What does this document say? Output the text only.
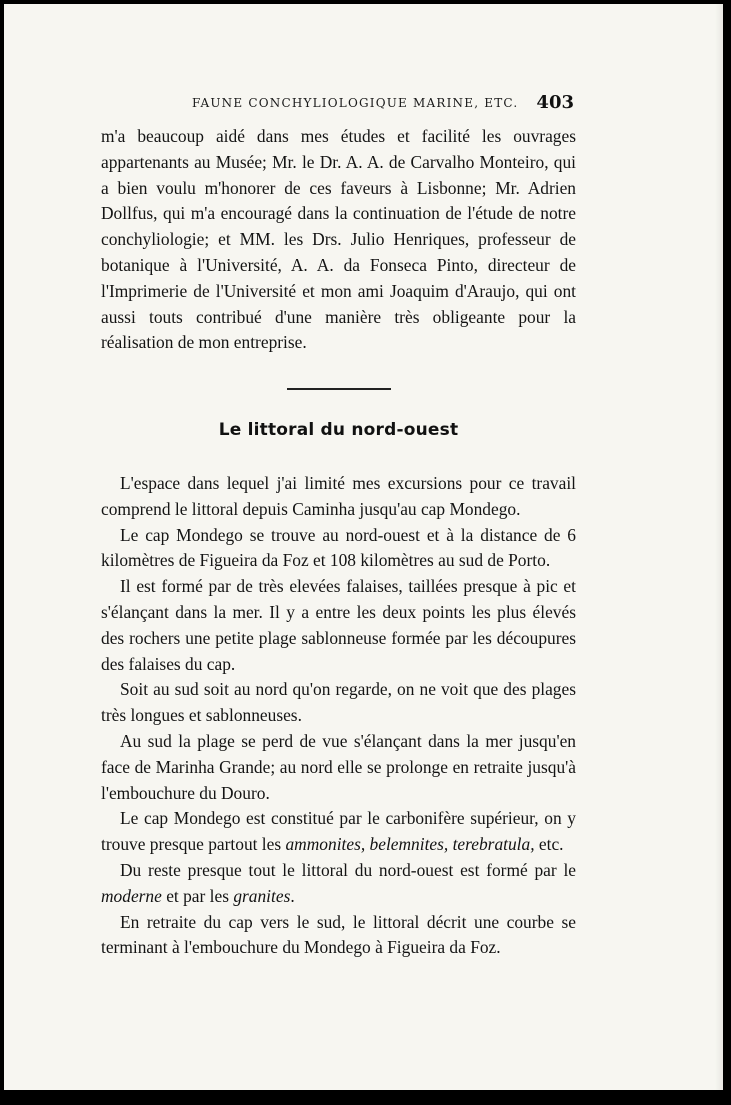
FAUNE CONCHYLIOLOGIQUE MARINE, ETC. 403

m'a beaucoup aidé dans mes études et facilité les ouvrages appartenants au Musée; Mr. le Dr. A. A. de Carvalho Monteiro, qui a bien voulu m'honorer de ces faveurs à Lisbonne; Mr. Adrien Dollfus, qui m'a encouragé dans la continuation de l'étude de notre conchyliologie; et MM. les Drs. Julio Henriques, professeur de botanique à l'Université, A. A. da Fonseca Pinto, directeur de l'Imprimerie de l'Université et mon ami Joaquim d'Araujo, qui ont aussi touts contribué d'une manière très obligeante pour la réalisation de mon entreprise.

Le littoral du nord-ouest

L'espace dans lequel j'ai limité mes excursions pour ce travail comprend le littoral depuis Caminha jusqu'au cap Mondego.

Le cap Mondego se trouve au nord-ouest et à la distance de 6 kilomètres de Figueira da Foz et 108 kilomètres au sud de Porto.

Il est formé par de très elevées falaises, taillées presque à pic et s'élançant dans la mer. Il y a entre les deux points les plus élevés des rochers une petite plage sablonneuse formée par les découpures des falaises du cap.

Soit au sud soit au nord qu'on regarde, on ne voit que des plages très longues et sablonneuses.

Au sud la plage se perd de vue s'élançant dans la mer jusqu'en face de Marinha Grande; au nord elle se prolonge en retraite jusqu'à l'embouchure du Douro.

Le cap Mondego est constitué par le carbonifère supérieur, on y trouve presque partout les ammonites, belemnites, terebratula, etc.

Du reste presque tout le littoral du nord-ouest est formé par le moderne et par les granites.

En retraite du cap vers le sud, le littoral décrit une courbe se terminant à l'embouchure du Mondego à Figueira da Foz.
